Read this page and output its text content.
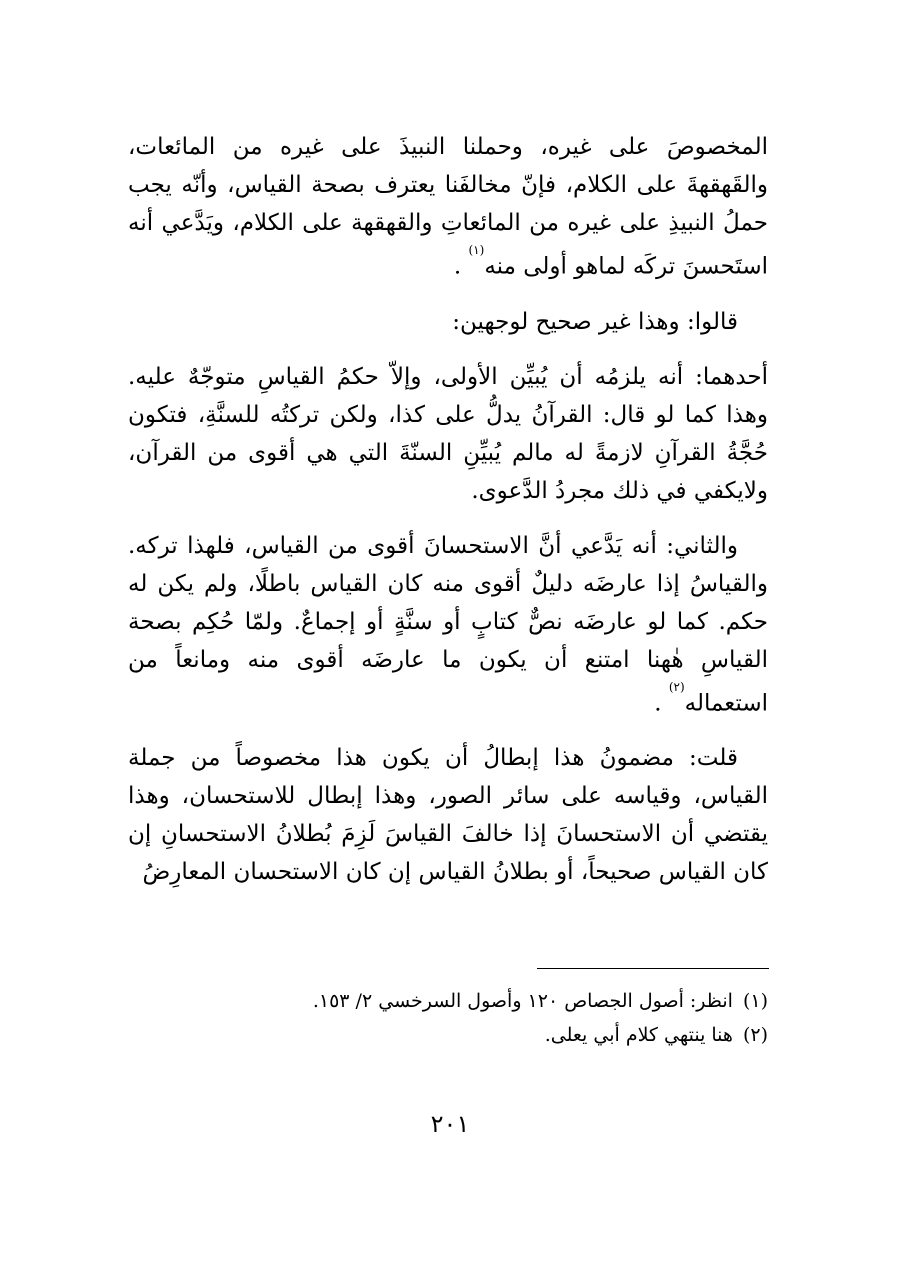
المخصوصَ على غيره، وحملنا النبيذَ على غيره من المائعات، والقَهقهةَ على الكلام، فإنّ مخالفَنا يعترف بصحة القياس، وأنّه يجب حملُ النبيذِ على غيره من المائعاتِ والقهقهة على الكلام، ويَدَّعي أنه استَحسنَ تركَه لماهو أولى منه$^{(١)}$ .

قالوا: وهذا غير صحيح لوجهين:

أحدهما: أنه يلزمُه أن يُبيِّن الأولى، وإلاّ حكمُ القياسِ متوجّهٌ عليه. وهذا كما لو قال: القرآنُ يدلُّ على كذا، ولكن تركتُه للسنَّةِ، فتكون حُجَّةُ القرآنِ لازمةً له مالم يُبيِّنِ السنّةَ التي هي أقوى من القرآن، ولايكفي في ذلك مجردُ الدَّعوى.

والثاني: أنه يَدَّعي أنَّ الاستحسانَ أقوى من القياس، فلهذا تركه. والقياسُ إذا عارضَه دليلٌ أقوى منه كان القياس باطلًا، ولم يكن له حكم. كما لو عارضَه نصٌّ كتابٍ أو سنَّةٍ أو إجماعٌ. ولمّا حُكِم بصحة القياسِ هٰهنا امتنع أن يكون ما عارضَه أقوى منه ومانعاً من استعماله$^{(٢)}$ .

قلت: مضمونُ هذا إبطالُ أن يكون هذا مخصوصاً من جملة القياس، وقياسه على سائر الصور، وهذا إبطال للاستحسان، وهذا يقتضي أن الاستحسانَ إذا خالفَ القياسَ لَزِمَ بُطلانُ الاستحسانِ إن كان القياس صحيحاً، أو بطلانُ القياس إن كان الاستحسان المعارِضُ

(١)انظر: أصول الجصاص ١٢٠ وأصول السرخسي ٢/ ١٥٣.

(٢)هنا ينتهي كلام أبي يعلى.

٢٠١
